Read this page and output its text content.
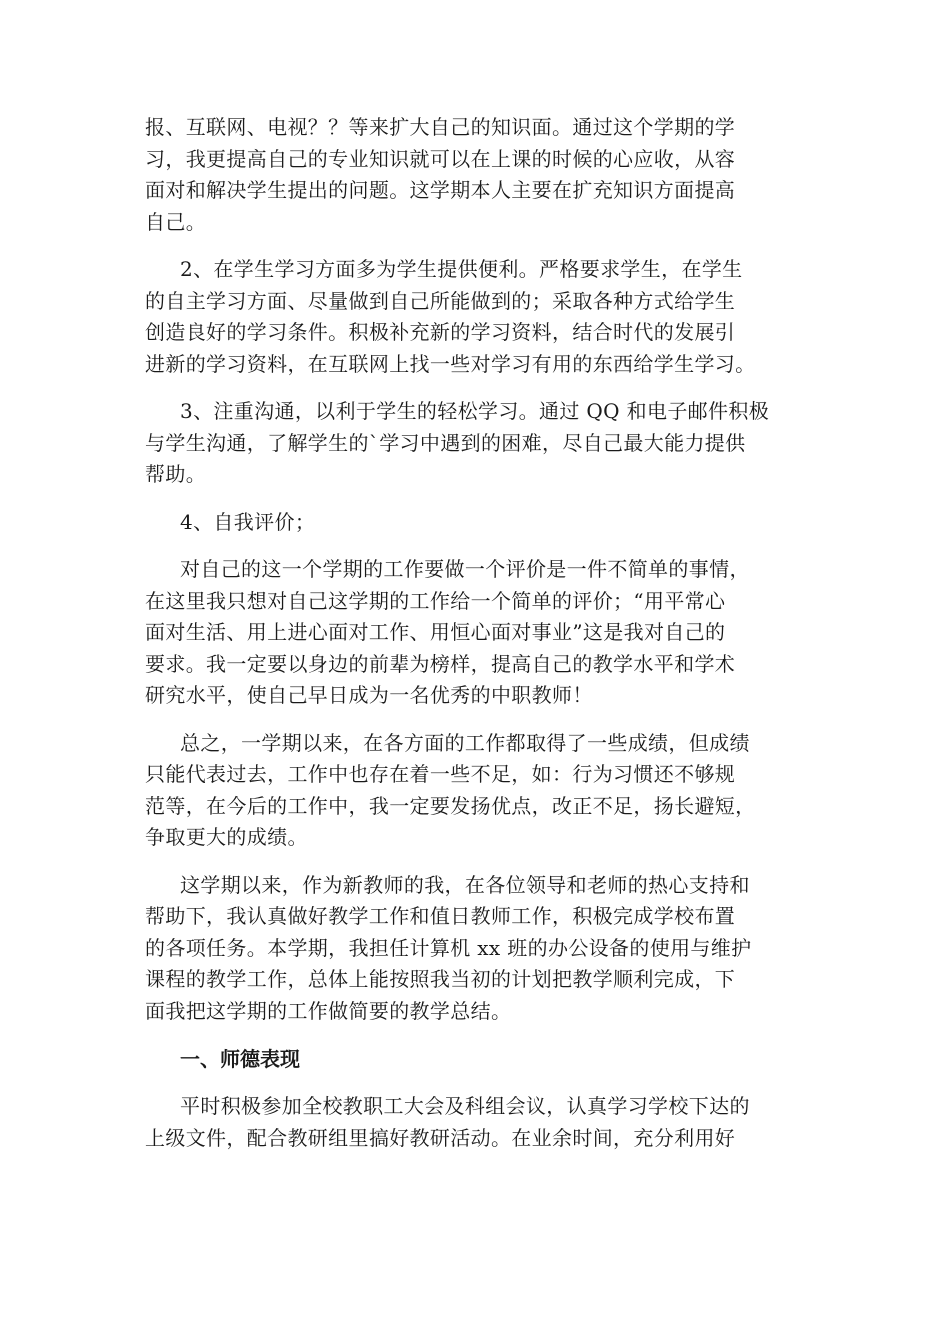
报、互联网、电视？？等来扩大自己的知识面。通过这个学期的学
习，我更提高自己的专业知识就可以在上课的时候的心应收，从容
面对和解决学生提出的问题。这学期本人主要在扩充知识方面提高
自己。
2、在学生学习方面多为学生提供便利。严格要求学生，在学生
的自主学习方面、尽量做到自己所能做到的；采取各种方式给学生
创造良好的学习条件。积极补充新的学习资料，结合时代的发展引
进新的学习资料，在互联网上找一些对学习有用的东西给学生学习。
3、注重沟通，以利于学生的轻松学习。通过 QQ 和电子邮件积极
与学生沟通，了解学生的`学习中遇到的困难，尽自己最大能力提供
帮助。
4、自我评价；
对自己的这一个学期的工作要做一个评价是一件不简单的事情，
在这里我只想对自己这学期的工作给一个简单的评价；“用平常心
面对生活、用上进心面对工作、用恒心面对事业”这是我对自己的
要求。我一定要以身边的前辈为榜样，提高自己的教学水平和学术
研究水平，使自己早日成为一名优秀的中职教师！
总之，一学期以来，在各方面的工作都取得了一些成绩，但成绩
只能代表过去，工作中也存在着一些不足，如：行为习惯还不够规
范等，在今后的工作中，我一定要发扬优点，改正不足，扬长避短，
争取更大的成绩。
这学期以来，作为新教师的我，在各位领导和老师的热心支持和
帮助下，我认真做好教学工作和值日教师工作，积极完成学校布置
的各项任务。本学期，我担任计算机 xx 班的办公设备的使用与维护
课程的教学工作，总体上能按照我当初的计划把教学顺利完成，下
面我把这学期的工作做简要的教学总结。
一、师德表现
平时积极参加全校教职工大会及科组会议，认真学习学校下达的
上级文件，配合教研组里搞好教研活动。在业余时间，充分利用好
